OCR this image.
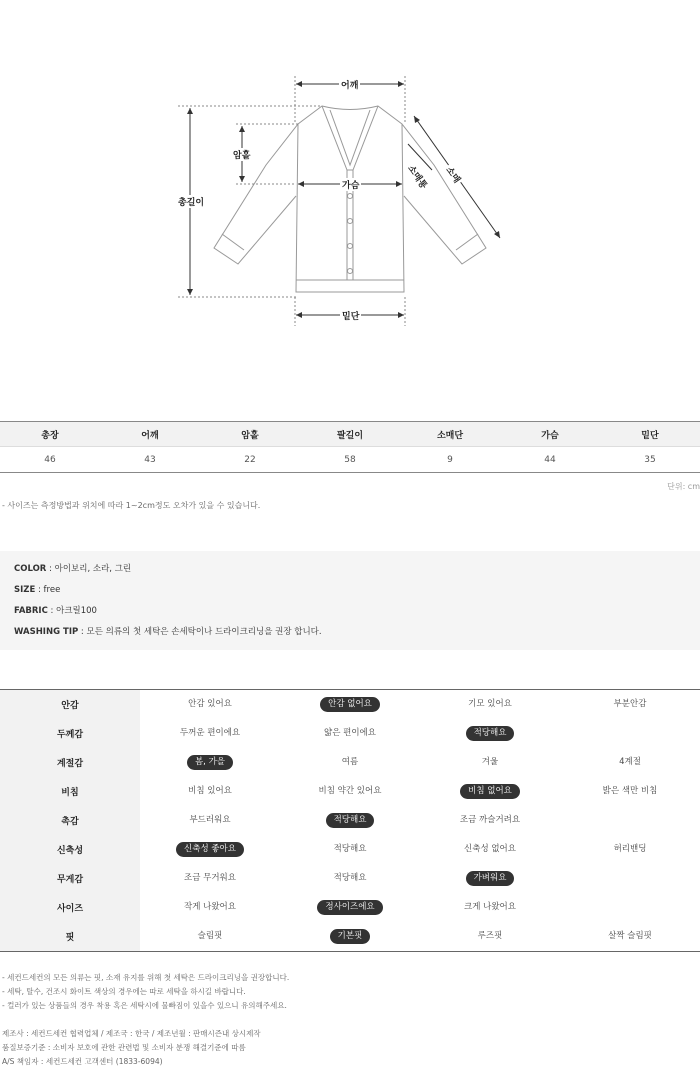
어깨
암홀
가슴
총길이
소매통	소매
밑단
총장	어깨	암홀	팔길이	소매단	가슴	밑단
46	43	22	58	9	44	35
단위: cm
- 사이즈는 측정방법과 위치에 따라 1~2cm정도 오차가 있을 수 있습니다.
COLOR : 아이보리, 소라, 그린
SIZE : free
FABRIC : 아크릴100
WASHING TIP : 모든 의류의 첫 세탁은 손세탁이나 드라이크리닝을 권장 합니다.
안감	안감 있어요	안감 없어요	기모 있어요	부분안감
두께감	두꺼운 편이에요	얇은 편이에요	적당해요
계절감	봄, 가을	여름	겨울	4계절
비침	비침 있어요	비침 약간 있어요	비침 없어요	밝은 색만 비침
촉감	부드러워요	적당해요	조금 까슬거려요
신축성	신축성 좋아요	적당해요	신축성 없어요	허리밴딩
무게감	조금 무거워요	적당해요	가벼워요
사이즈	작게 나왔어요	정사이즈에요	크게 나왔어요
핏	슬림핏	기본핏	루즈핏	살짝 슬림핏
- 세컨드세컨의 모든 의류는 핏, 소재 유지를 위해 첫 세탁은 드라이크리닝을 권장합니다.
- 세탁, 탈수, 건조시 화이트 색상의 경우에는 따로 세탁을 하시길 바랍니다.
- 컬러가 있는 상품들의 경우 착용 혹은 세탁시에 물빠짐이 있을수 있으니 유의해주세요.
제조사 : 세컨드세컨 협력업체 / 제조국 : 한국 / 제조년월 : 판매시즌내 상시제작
품질보증기준 : 소비자 보호에 관한 관련법 및 소비자 분쟁 해결기준에 따름
A/S 책임자 : 세컨드세컨 고객센터 (1833-6094)
